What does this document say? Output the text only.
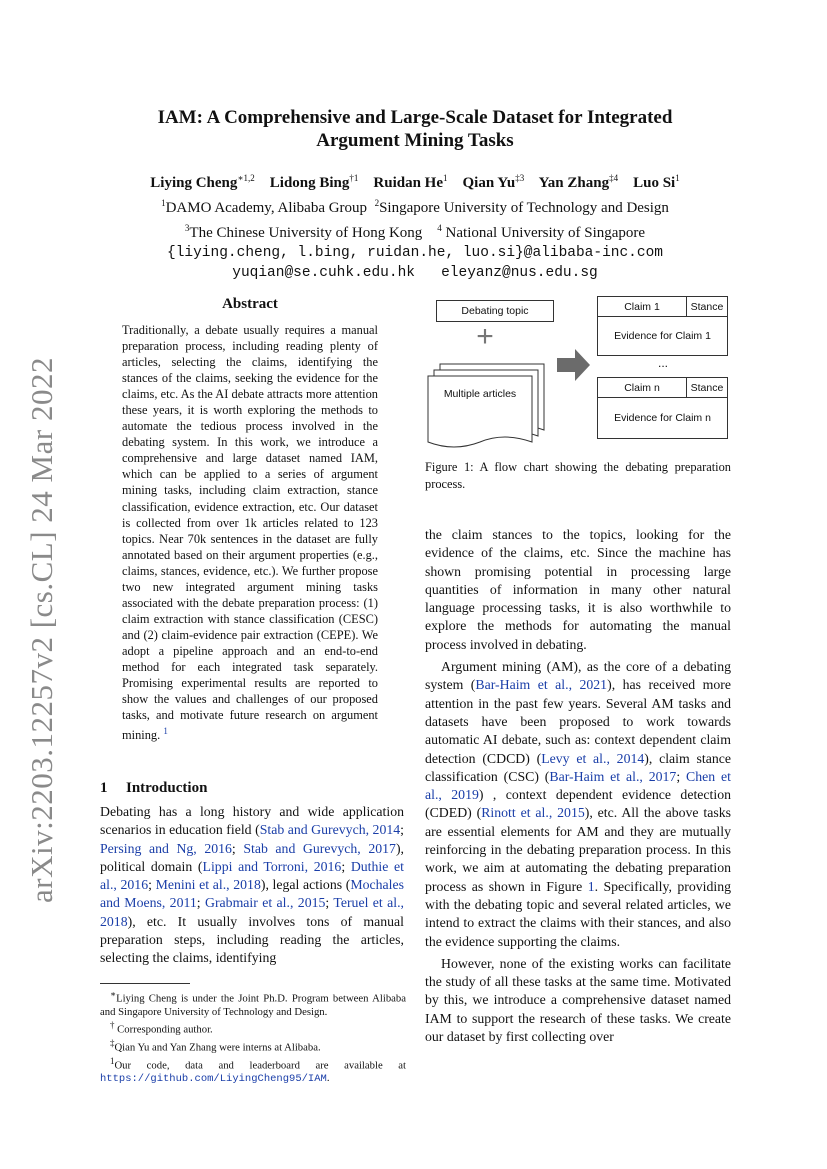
arXiv:2203.12257v2 [cs.CL] 24 Mar 2022
IAM: A Comprehensive and Large-Scale Dataset for Integrated
Argument Mining Tasks
Liying Cheng$^{∗1,2}$ Lidong Bing$^{\dagger 1}$ Ruidan He$^1$ Qian Yu$^{\ddagger 3}$ Yan Zhang$^{\ddagger 4}$ Luo Si$^1$
$^1$DAMO Academy, Alibaba Group $^2$Singapore University of Technology and Design
$^3$The Chinese University of Hong Kong $^4$ National University of Singapore
{liying.cheng, l.bing, ruidan.he, luo.si}@alibaba-inc.com
yuqian@se.cuhk.edu.hk eleyanz@nus.edu.sg
Abstract
Traditionally, a debate usually requires a manual preparation process, including reading plenty of articles, selecting the claims, identifying the stances of the claims, seeking the evidence for the claims, etc. As the AI debate attracts more attention these years, it is worth exploring the methods to automate the tedious process involved in the debating system. In this work, we introduce a comprehensive and large dataset named IAM, which can be applied to a series of argument mining tasks, including claim extraction, stance classification, evidence extraction, etc. Our dataset is collected from over 1k articles related to 123 topics. Near 70k sentences in the dataset are fully annotated based on their argument properties (e.g., claims, stances, evidence, etc.). We further propose two new integrated argument mining tasks associated with the debate preparation process: (1) claim extraction with stance classification (CESC) and (2) claim-evidence pair extraction (CEPE). We adopt a pipeline approach and an end-to-end method for each integrated task separately. Promising experimental results are reported to show the values and challenges of our proposed tasks, and motivate future research on argument mining. $^1$
1 Introduction

Debating has a long history and wide application scenarios in education field (Stab and Gurevych, 2014; Persing and Ng, 2016; Stab and Gurevych, 2017), political domain (Lippi and Torroni, 2016; Duthie et al., 2016; Menini et al., 2018), legal actions (Mochales and Moens, 2011; Grabmair et al., 2015; Teruel et al., 2018), etc. It usually involves tons of manual preparation steps, including reading the articles, selecting the claims, identifying

∗Liying Cheng is under the Joint Ph.D. Program between Alibaba and Singapore University of Technology and Design.

† Corresponding author.

‡Qian Yu and Yan Zhang were interns at Alibaba.

$^1$Our code, data and leaderboard are available at https://github.com/LiyingCheng95/IAM.

Debating topic
+
Multiple articles
Claim 1	Stance
Evidence for Claim 1
...
Claim n	Stance
Evidence for Claim n
Figure 1: A flow chart showing the debating preparation process.

the claim stances to the topics, looking for the evidence of the claims, etc. Since the machine has shown promising potential in processing large quantities of information in many other natural language processing tasks, it is also worthwhile to explore the methods for automating the manual process involved in debating.

Argument mining (AM), as the core of a debating system (Bar-Haim et al., 2021), has received more attention in the past few years. Several AM tasks and datasets have been proposed to work towards automatic AI debate, such as: context dependent claim detection (CDCD) (Levy et al., 2014), claim stance classification (CSC) (Bar-Haim et al., 2017; Chen et al., 2019) , context dependent evidence detection (CDED) (Rinott et al., 2015), etc. All the above tasks are essential elements for AM and they are mutually reinforcing in the debating preparation process. In this work, we aim at automating the debating preparation process as shown in Figure 1. Specifically, providing with the debating topic and several related articles, we intend to extract the claims with their stances, and also the evidence supporting the claims.

However, none of the existing works can facilitate the study of all these tasks at the same time. Motivated by this, we introduce a comprehensive dataset named IAM to support the research of these tasks. We create our dataset by first collecting over
